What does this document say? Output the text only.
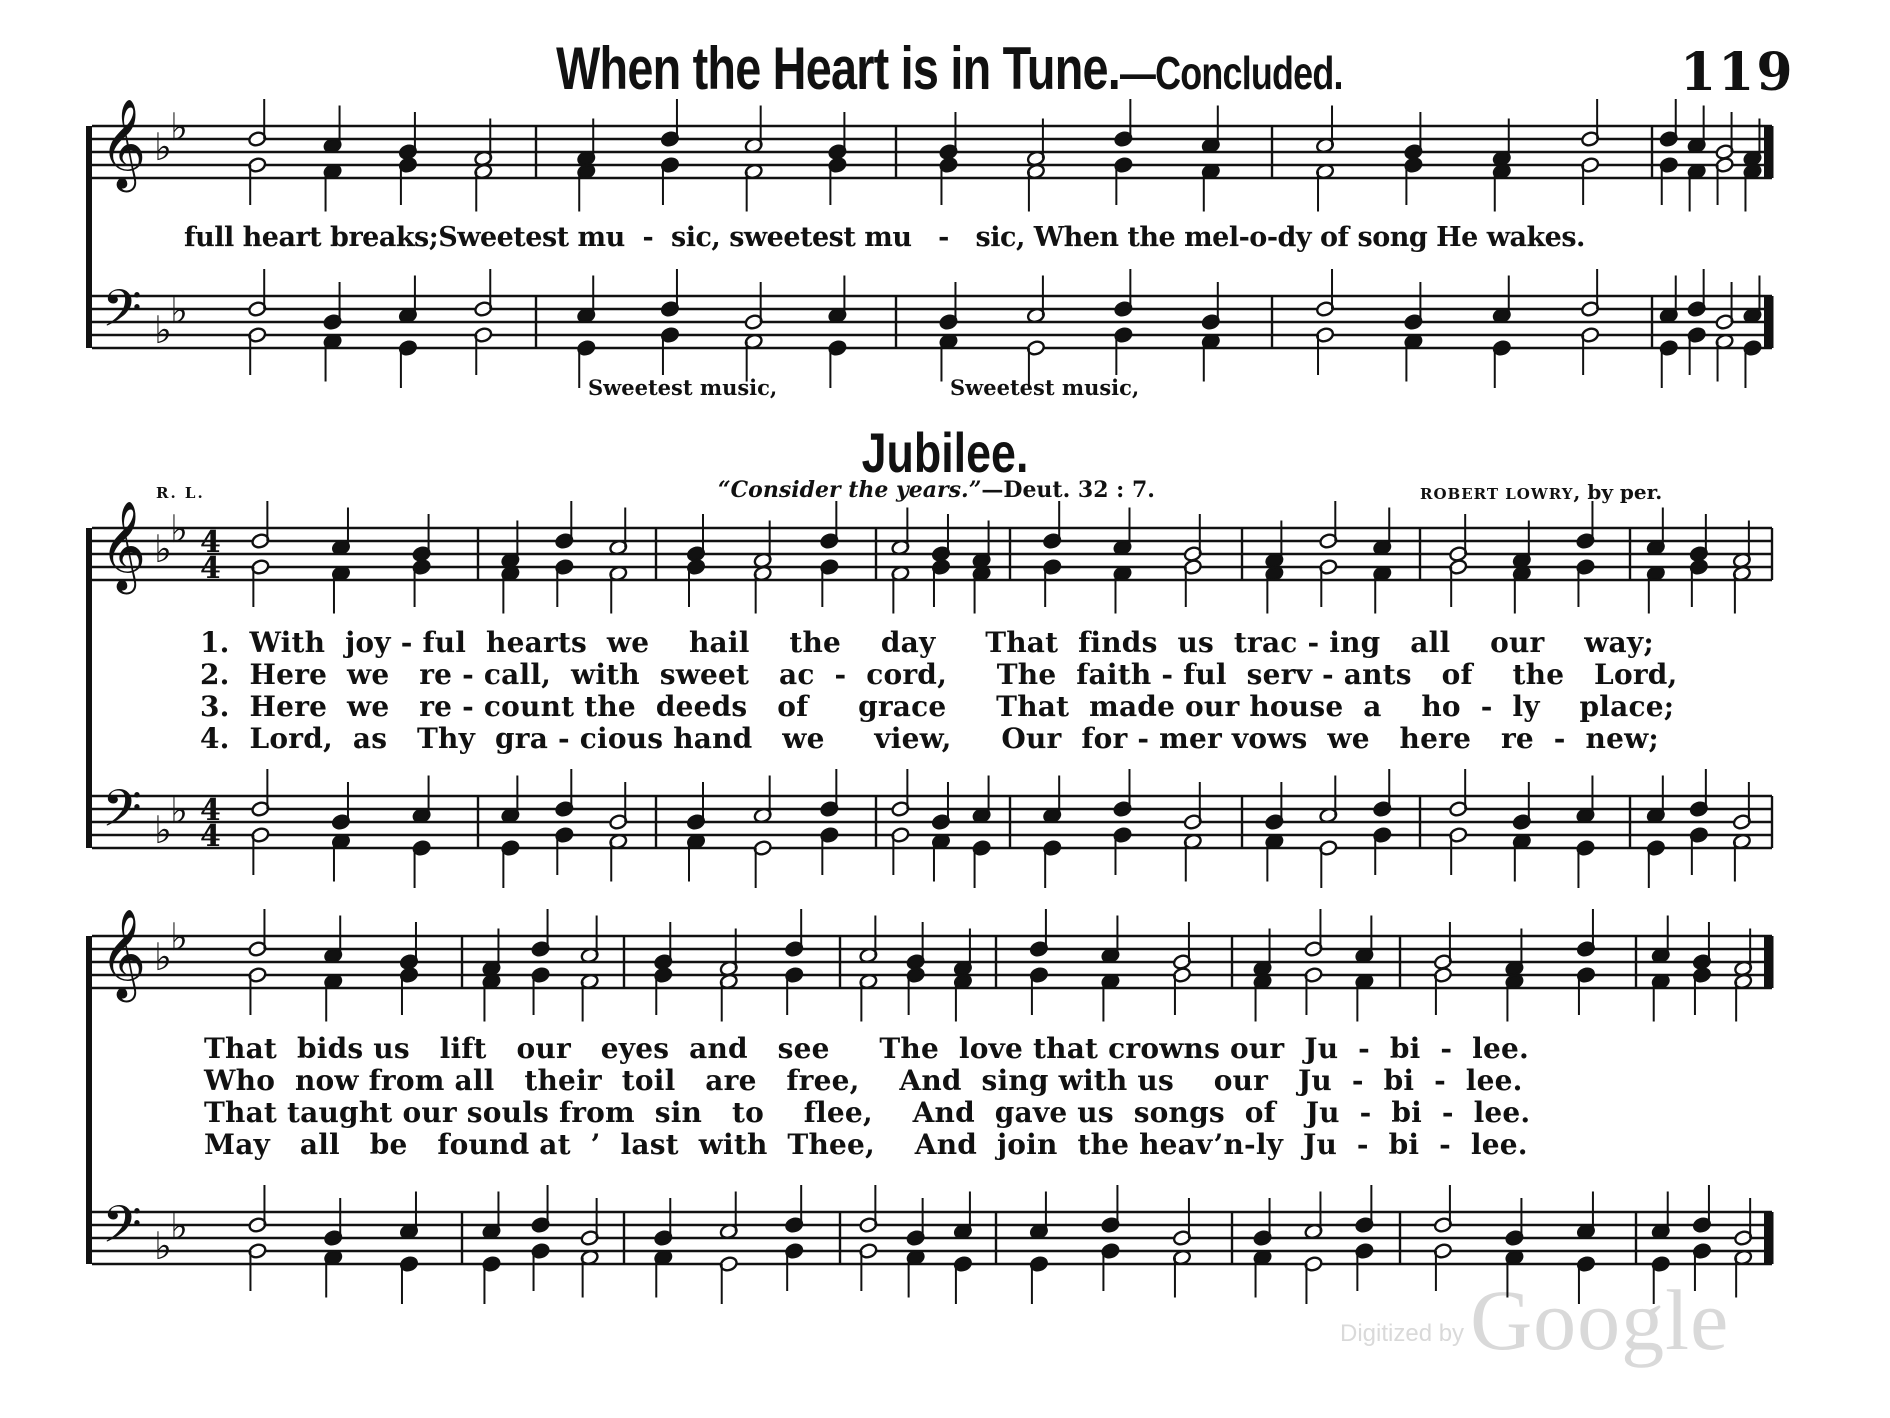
When the Heart is in Tune.—Concluded.	119
full heart breaks;Sweetest mu  -  sic, sweetest mu   -   sic, When the mel-o-dy of song He wakes.
Sweetest music,	Sweetest music,
Jubilee.
R. L.	“Consider the years.”—Deut. 32 : 7.	ROBERT LOWRY, by per.
1.  With  joy - ful  hearts  we    hail    the    day     That  finds  us  trac - ing   all    our    way;
2.  Here  we   re - call,  with  sweet   ac  -  cord,     The  faith - ful  serv - ants   of    the   Lord,
3.  Here  we   re - count the  deeds   of     grace     That  made our house  a    ho  -  ly    place;
4.  Lord,  as   Thy  gra - cious hand   we     view,     Our  for - mer vows  we   here   re  -  new;
That  bids us   lift   our   eyes  and   see     The  love that crowns our  Ju  -  bi  -  lee.
Who  now from all   their  toil   are   free,    And  sing with us    our   Ju  -  bi  -  lee.
That taught our souls from  sin   to    flee,    And  gave us  songs  of   Ju  -  bi  -  lee.
May   all   be   found at  ’  last  with  Thee,    And  join  the heav’n-ly  Ju  -  bi  -  lee.
Digitized byGoogle
𝄞
𝄢
♭
♭
♭
♭
𝄞
𝄢
♭
♭
♭
♭
𝄞
𝄢
♭
♭
♭
♭
4
4
4
4
